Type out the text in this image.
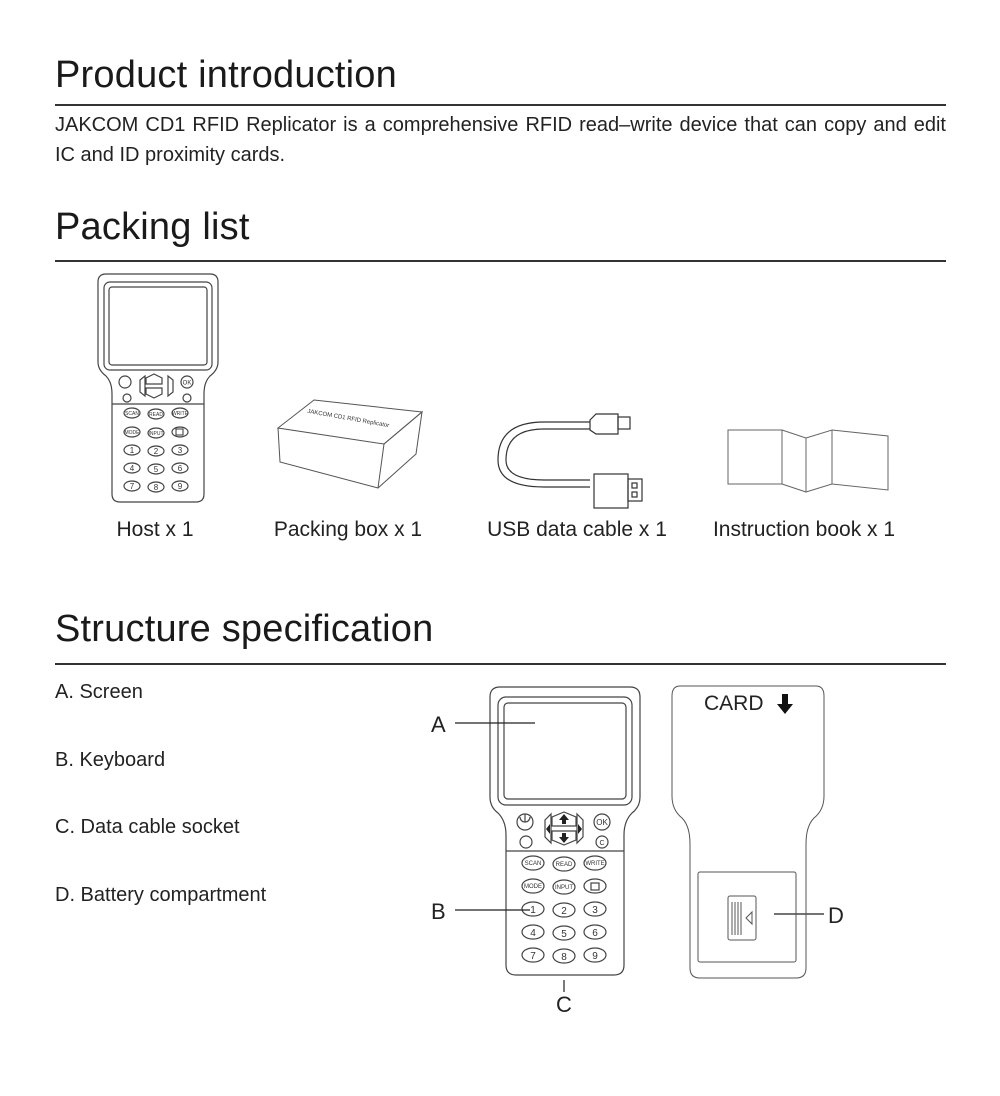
Product introduction
JAKCOM CD1 RFID Replicator is a comprehensive RFID read–write device that can copy and edit IC and ID proximity cards.
Packing list
SCAN READ WRITE
MODE INPUT
OK
1 2 3
4 5 6
7 8 9
JAKCOM CD1 RFID Replicator
Host x 1	Packing box x 1	USB data cable x 1	Instruction book x 1
Structure specification
A. Screen
B. Keyboard
C. Data cable socket
D. Battery compartment
SCAN READ WRITE
MODE INPUT
OK
C
1	2	3
4	5	6
7	8	9
A
B
C
D
CARD
